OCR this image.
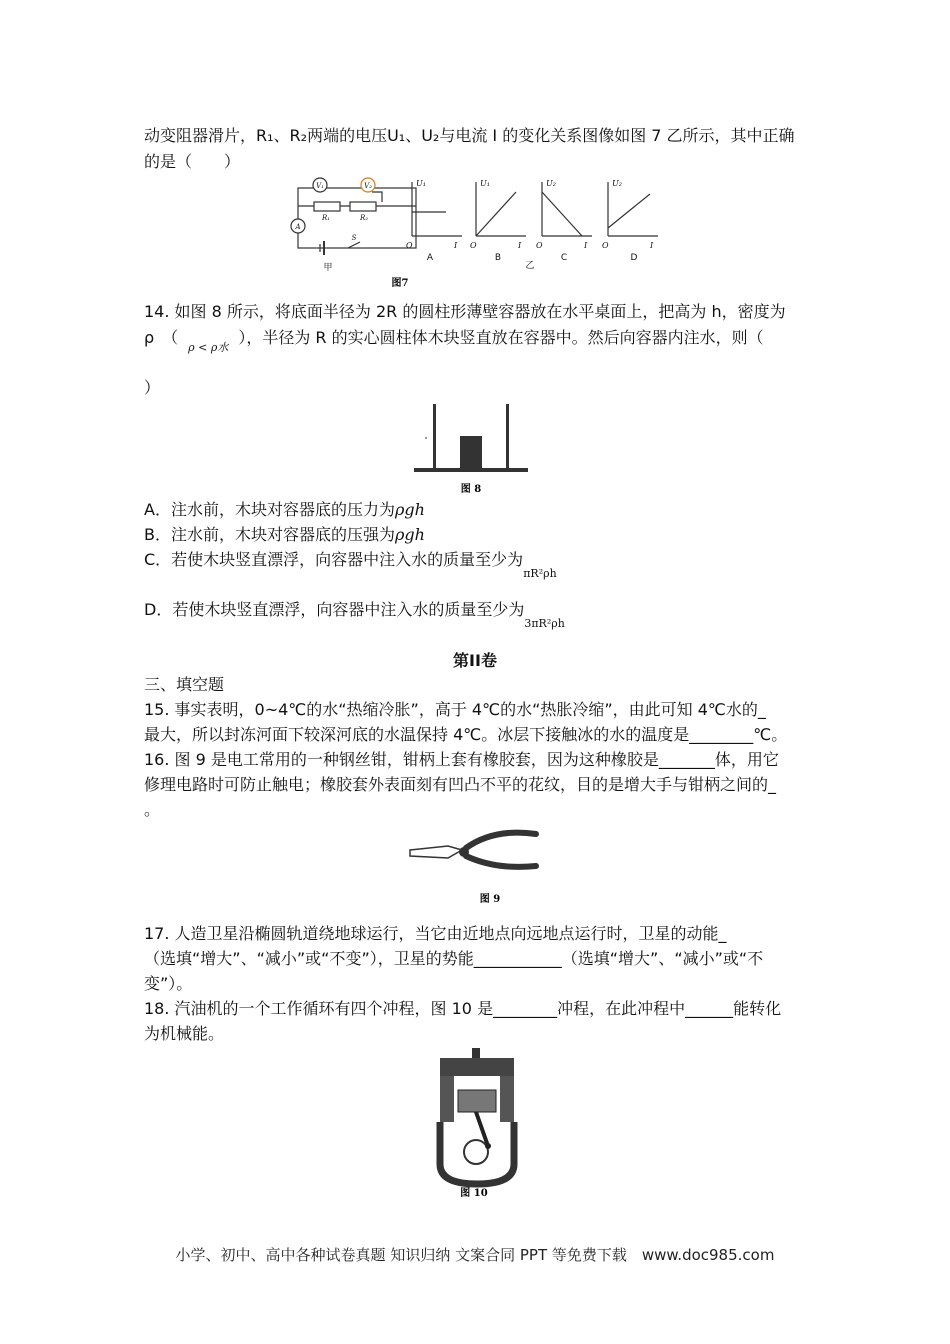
动变阻器滑片，R₁、R₂两端的电压U₁、U₂与电流 I 的变化关系图像如图 7 乙所示，其中正确
的是（　　）
V₁	V₂
A
R₁	R₂
S
甲
U₁
O	I
U₁
O	I
U₂
O	I
U₂
O	I
A	B	C	D
乙
图7
14. 如图 8 所示，将底面半径为 2R 的圆柱形薄壁容器放在水平桌面上，把高为 h，密度为
ρ　$(_{\rho < \rho 水})$，半径为 R 的实心圆柱体木块竖直放在容器中。然后向容器内注水，则（
）
图 8
A．注水前，木块对容器底的压力为ρgh
B．注水前，木块对容器底的压强为ρgh
C．若使木块竖直漂浮，向容器中注入水的质量至少为$_{\pi R^2\rho h}$
D．若使木块竖直漂浮，向容器中注入水的质量至少为$_{3\pi R^2\rho h}$
第II卷
三、填空题
15. 事实表明，0~4℃的水“热缩冷胀”，高于 4℃的水“热胀冷缩”，由此可知 4℃水的_
最大，所以封冻河面下较深河底的水温保持 4℃。冰层下接触冰的水的温度是________℃。
16. 图 9 是电工常用的一种钢丝钳，钳柄上套有橡胶套，因为这种橡胶是_______体，用它
修理电路时可防止触电；橡胶套外表面刻有凹凸不平的花纹，目的是增大手与钳柄之间的_
。
图 9
17. 人造卫星沿椭圆轨道绕地球运行，当它由近地点向远地点运行时，卫星的动能_
（选填“增大”、“减小”或“不变”），卫星的势能___________（选填“增大”、“减小”或“不
变”）。
18. 汽油机的一个工作循环有四个冲程，图 10 是________冲程，在此冲程中______能转化
为机械能。
图 10
小学、初中、高中各种试卷真题 知识归纳 文案合同 PPT 等免费下载　www.doc985.com
